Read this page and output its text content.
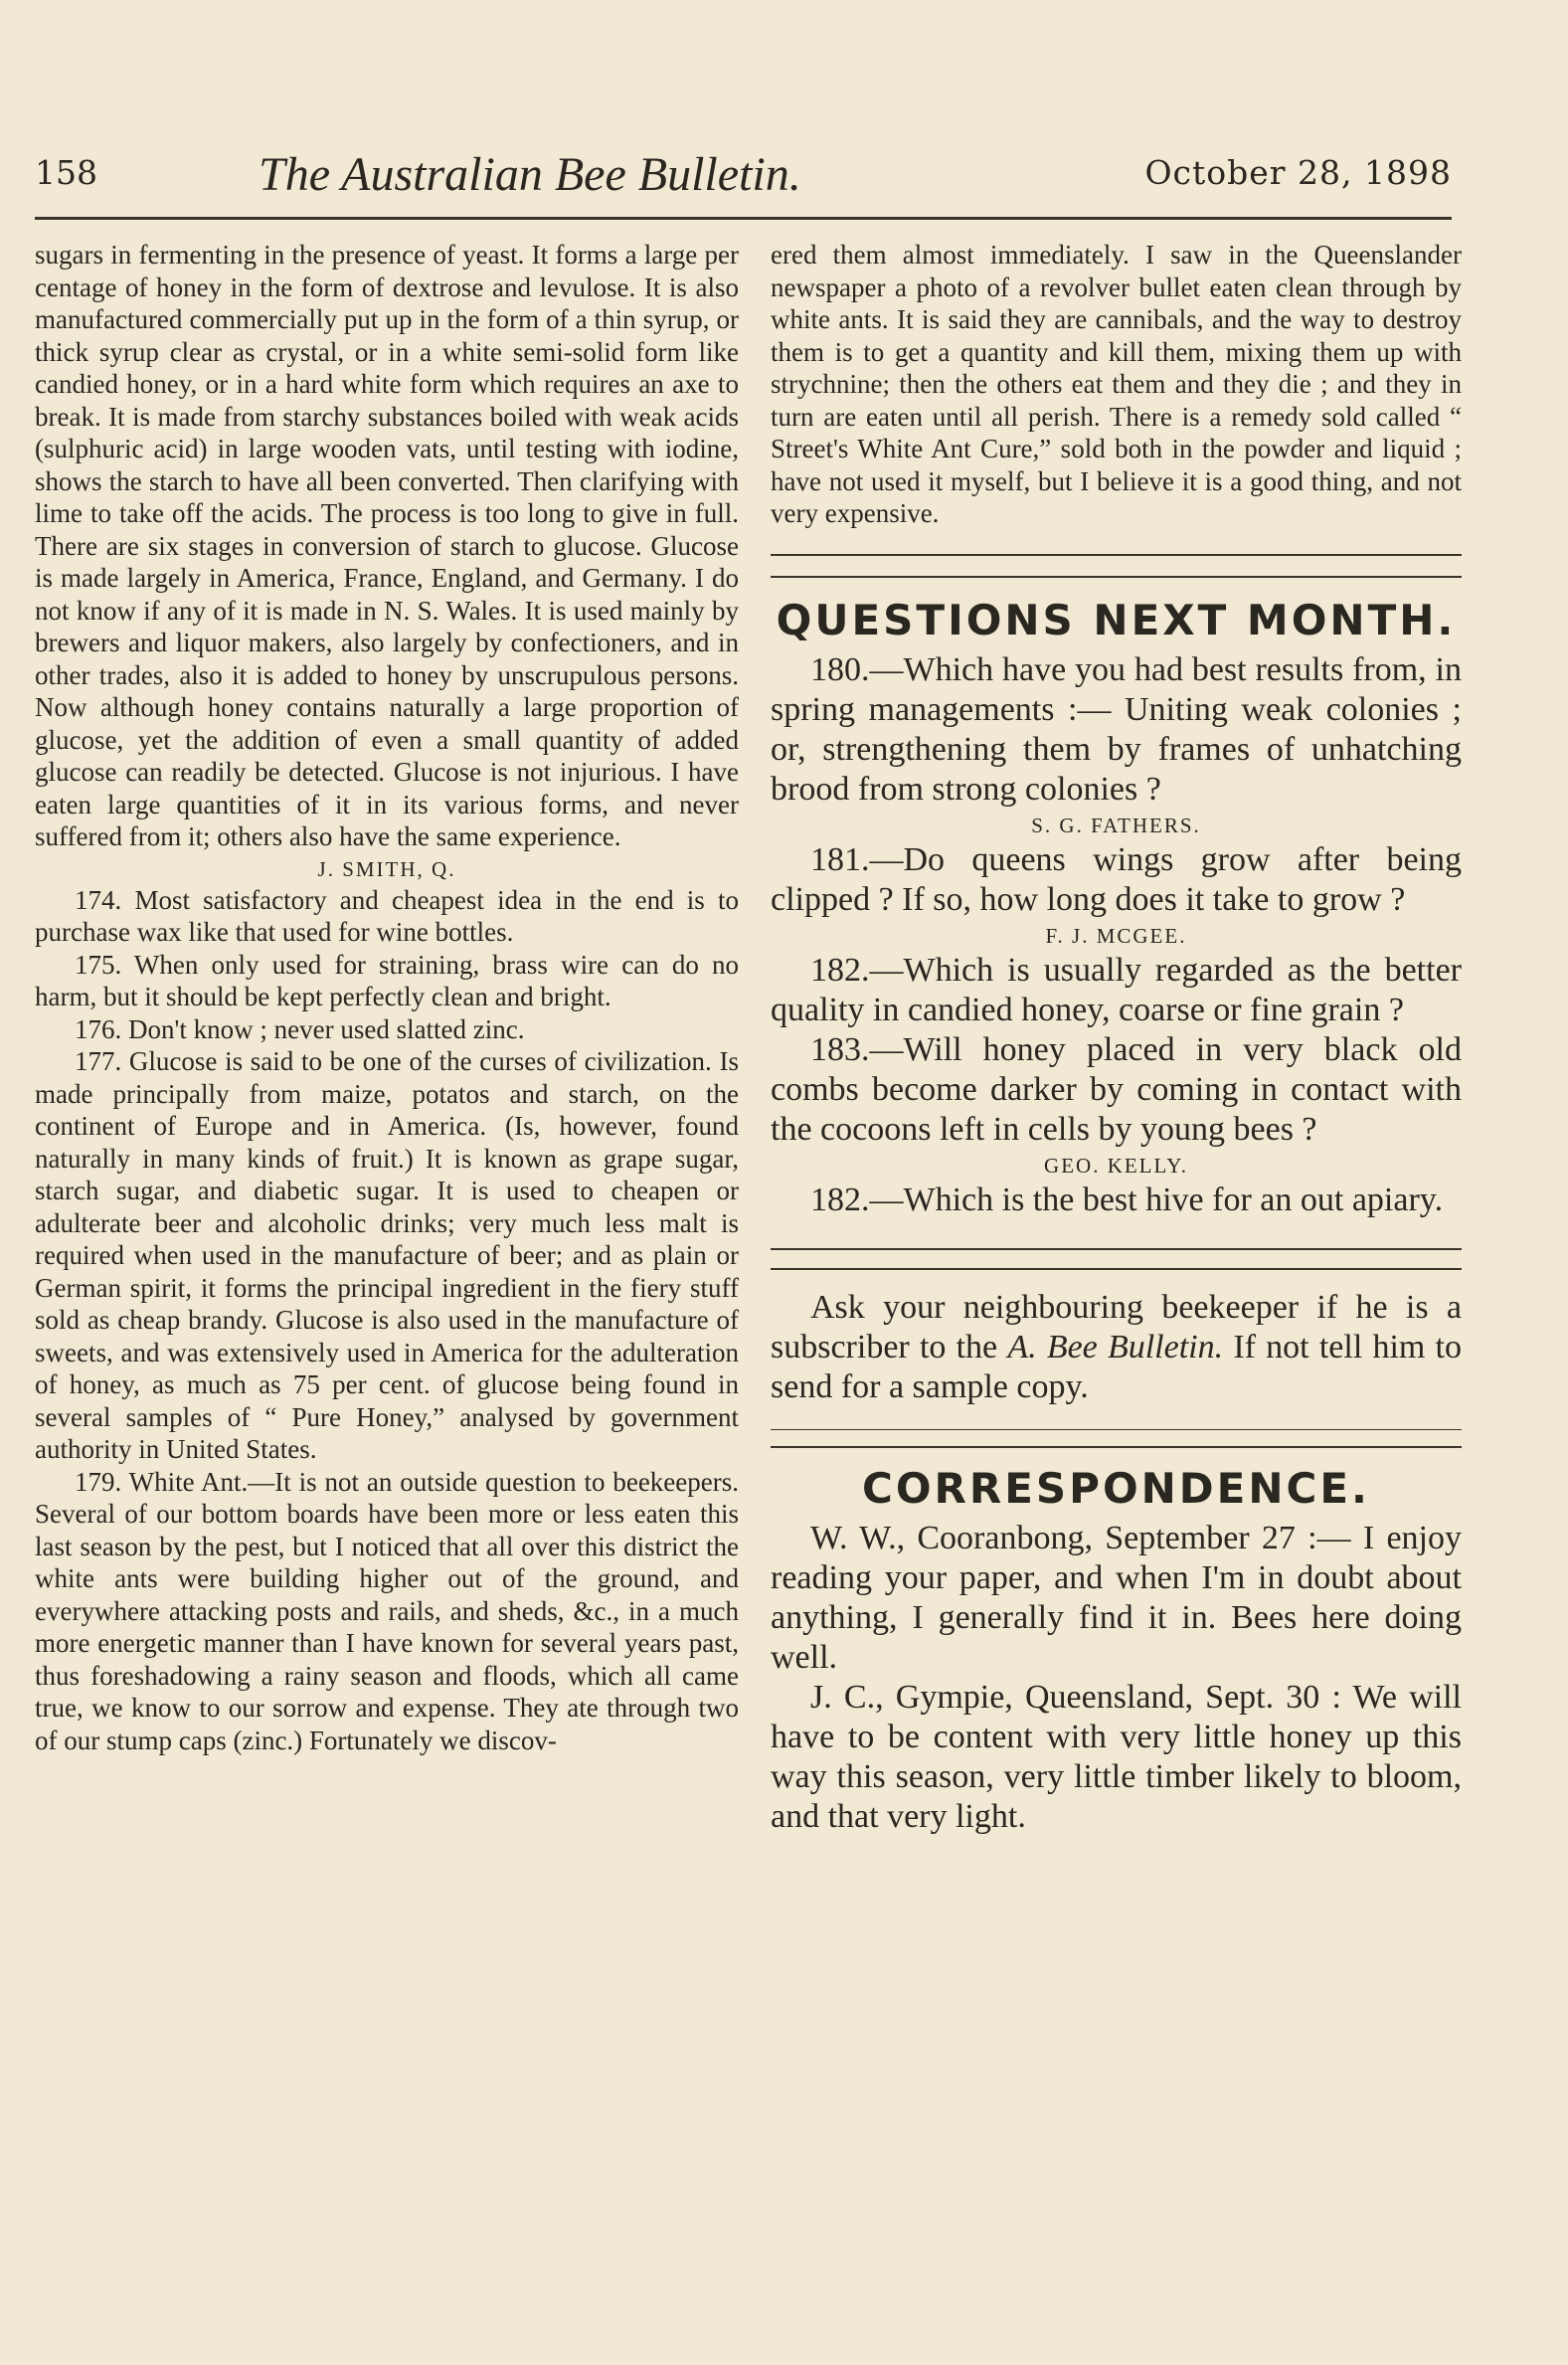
158	The Australian Bee Bulletin.	October 28, 1898

sugars in fermenting in the presence of yeast. It forms a large per centage of honey in the form of dextrose and levulose. It is also manufactured commercially put up in the form of a thin syrup, or thick syrup clear as crystal, or in a white semi-solid form like candied honey, or in a hard white form which requires an axe to break. It is made from starchy substances boiled with weak acids (sulphuric acid) in large wooden vats, until testing with iodine, shows the starch to have all been converted. Then clarifying with lime to take off the acids. The process is too long to give in full. There are six stages in conversion of starch to glucose. Glucose is made largely in America, France, England, and Germany. I do not know if any of it is made in N. S. Wales. It is used mainly by brewers and liquor makers, also largely by confectioners, and in other trades, also it is added to honey by unscrupulous persons. Now although honey contains naturally a large proportion of glucose, yet the addition of even a small quantity of added glucose can readily be detected. Glucose is not injurious. I have eaten large quantities of it in its various forms, and never suffered from it; others also have the same experience.

J. SMITH, Q.

174. Most satisfactory and cheapest idea in the end is to purchase wax like that used for wine bottles.

175. When only used for straining, brass wire can do no harm, but it should be kept perfectly clean and bright.

176. Don't know ; never used slatted zinc.

177. Glucose is said to be one of the curses of civilization. Is made principally from maize, potatos and starch, on the continent of Europe and in America. (Is, however, found naturally in many kinds of fruit.) It is known as grape sugar, starch sugar, and diabetic sugar. It is used to cheapen or adulterate beer and alcoholic drinks; very much less malt is required when used in the manufacture of beer; and as plain or German spirit, it forms the principal ingredient in the fiery stuff sold as cheap brandy. Glucose is also used in the manufacture of sweets, and was extensively used in America for the adulteration of honey, as much as 75 per cent. of glucose being found in several samples of “ Pure Honey,” analysed by government authority in United States.

179. White Ant.—It is not an outside question to beekeepers. Several of our bottom boards have been more or less eaten this last season by the pest, but I noticed that all over this district the white ants were building higher out of the ground, and everywhere attacking posts and rails, and sheds, &c., in a much more energetic manner than I have known for several years past, thus foreshadowing a rainy season and floods, which all came true, we know to our sorrow and expense. They ate through two of our stump caps (zinc.) Fortunately we discov-

ered them almost immediately. I saw in the Queenslander newspaper a photo of a revolver bullet eaten clean through by white ants. It is said they are cannibals, and the way to destroy them is to get a quantity and kill them, mixing them up with strychnine; then the others eat them and they die ; and they in turn are eaten until all perish. There is a remedy sold called “ Street's White Ant Cure,” sold both in the powder and liquid ; have not used it myself, but I believe it is a good thing, and not very expensive.

QUESTIONS NEXT MONTH.

180.—Which have you had best results from, in spring managements :— Uniting weak colonies ; or, strengthening them by frames of unhatching brood from strong colonies ?

S. G. FATHERS.

181.—Do queens wings grow after being clipped ? If so, how long does it take to grow ?

F. J. MCGEE.

182.—Which is usually regarded as the better quality in candied honey, coarse or fine grain ?

183.—Will honey placed in very black old combs become darker by coming in contact with the cocoons left in cells by young bees ?

GEO. KELLY.

182.—Which is the best hive for an out apiary.

Ask your neighbouring beekeeper if he is a subscriber to the A. Bee Bulletin. If not tell him to send for a sample copy.

CORRESPONDENCE.

W. W., Cooranbong, September 27 :— I enjoy reading your paper, and when I'm in doubt about anything, I generally find it in. Bees here doing well.

J. C., Gympie, Queensland, Sept. 30 : We will have to be content with very little honey up this way this season, very little timber likely to bloom, and that very light.
